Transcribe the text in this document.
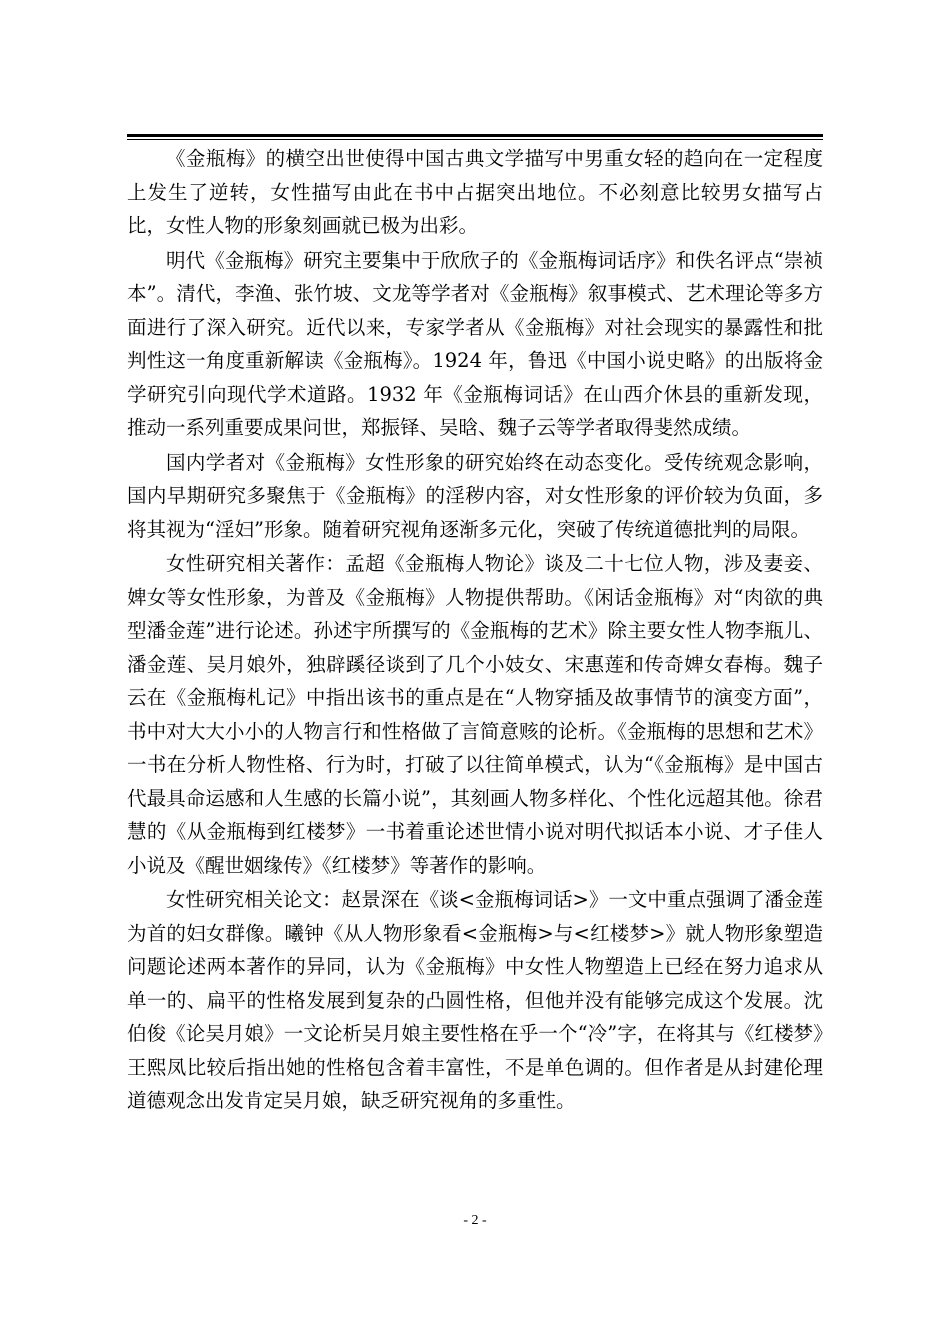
《金瓶梅》的横空出世使得中国古典文学描写中男重女轻的趋向在一定程度上发生了逆转，女性描写由此在书中占据突出地位。不必刻意比较男女描写占比，女性人物的形象刻画就已极为出彩。

明代《金瓶梅》研究主要集中于欣欣子的《金瓶梅词话序》和佚名评点“崇祯本”。清代，李渔、张竹坡、文龙等学者对《金瓶梅》叙事模式、艺术理论等多方面进行了深入研究。近代以来，专家学者从《金瓶梅》对社会现实的暴露性和批判性这一角度重新解读《金瓶梅》。1924 年，鲁迅《中国小说史略》的出版将金学研究引向现代学术道路。1932 年《金瓶梅词话》在山西介休县的重新发现，推动一系列重要成果问世，郑振铎、吴晗、魏子云等学者取得斐然成绩。

国内学者对《金瓶梅》女性形象的研究始终在动态变化。受传统观念影响，国内早期研究多聚焦于《金瓶梅》的淫秽内容，对女性形象的评价较为负面，多将其视为“淫妇”形象。随着研究视角逐渐多元化，突破了传统道德批判的局限。

女性研究相关著作：孟超《金瓶梅人物论》谈及二十七位人物，涉及妻妾、婢女等女性形象，为普及《金瓶梅》人物提供帮助。《闲话金瓶梅》对“肉欲的典型潘金莲”进行论述。孙述宇所撰写的《金瓶梅的艺术》除主要女性人物李瓶儿、潘金莲、吴月娘外，独辟蹊径谈到了几个小妓女、宋惠莲和传奇婢女春梅。魏子云在《金瓶梅札记》中指出该书的重点是在“人物穿插及故事情节的演变方面”，书中对大大小小的人物言行和性格做了言简意赅的论析。《金瓶梅的思想和艺术》一书在分析人物性格、行为时，打破了以往简单模式，认为“《金瓶梅》是中国古代最具命运感和人生感的长篇小说”，其刻画人物多样化、个性化远超其他。徐君慧的《从金瓶梅到红楼梦》一书着重论述世情小说对明代拟话本小说、才子佳人小说及《醒世姻缘传》《红楼梦》等著作的影响。

女性研究相关论文：赵景深在《谈<金瓶梅词话>》一文中重点强调了潘金莲为首的妇女群像。曦钟《从人物形象看<金瓶梅>与<红楼梦>》就人物形象塑造问题论述两本著作的异同，认为《金瓶梅》中女性人物塑造上已经在努力追求从单一的、扁平的性格发展到复杂的凸圆性格，但他并没有能够完成这个发展。沈伯俊《论吴月娘》一文论析吴月娘主要性格在乎一个“冷”字，在将其与《红楼梦》王熙凤比较后指出她的性格包含着丰富性，不是单色调的。但作者是从封建伦理道德观念出发肯定吴月娘，缺乏研究视角的多重性。

- 2 -
